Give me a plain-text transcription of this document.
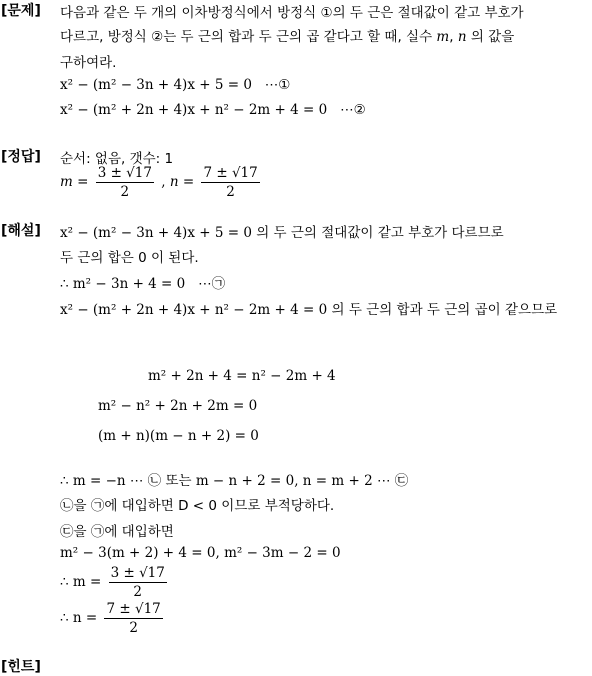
[문제] 다음과 같은 두 개의 이차방정식에서 방정식 ①의 두 근은 절대값이 같고 부호가
다르고, 방정식 ②는 두 근의 합과 두 근의 곱 같다고 할 때, 실수 m, n 의 값을
구하여라.
x² − (m² − 3n + 4)x + 5 = 0 ⋯①
x² − (m² + 2n + 4)x + n² − 2m + 4 = 0 ⋯②
[정답] 순서: 없음, 갯수: 1
$m = \frac{3 \pm √17}{2}$ , $n = \frac{7 \pm √17}{2}$
[해설] x² − (m² − 3n + 4)x + 5 = 0 의 두 근의 절대값이 같고 부호가 다르므로
두 근의 합은 0 이 된다.
∴ m² − 3n + 4 = 0 ⋯㉠
x² − (m² + 2n + 4)x + n² − 2m + 4 = 0 의 두 근의 합과 두 근의 곱이 같으므로
m² + 2n + 4 = n² − 2m + 4
m² − n² + 2n + 2m = 0
(m + n)(m − n + 2) = 0
∴ m = −n ⋯ ㉡ 또는 m − n + 2 = 0, n = m + 2 ⋯ ㉢
㉡을 ㉠에 대입하면 D < 0 이므로 부적당하다.
㉢을 ㉠에 대입하면
m² − 3(m + 2) + 4 = 0, m² − 3m − 2 = 0
∴ $m = \frac{3 \pm √17}{2}$
∴ $n = \frac{7 \pm √17}{2}$
[힌트]
